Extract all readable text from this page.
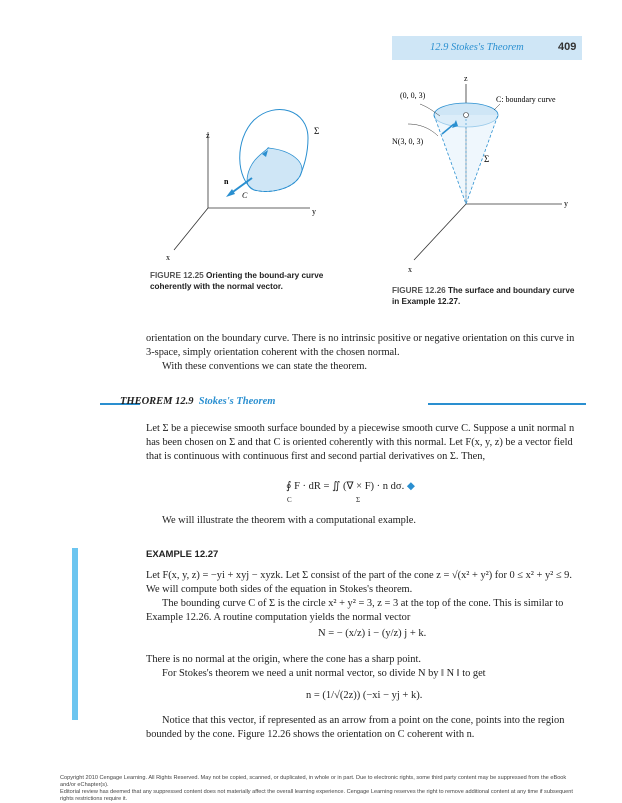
12.9 Stokes's Theorem	409
z
y
x
n
C
Σ
FIGURE 12.25 Orienting the bound-ary curve coherently with the normal vector.
z
y
x
(0, 0, 3)	C: boundary curve
N(3, 0, 3)
Σ
FIGURE 12.26 The surface and boundary curve in Example 12.27.
orientation on the boundary curve. There is no intrinsic positive or negative orientation on this curve in 3-space, simply orientation coherent with the chosen normal.
With these conventions we can state the theorem.
THEOREM 12.9 Stokes's Theorem
Let Σ be a piecewise smooth surface bounded by a piecewise smooth curve C. Suppose a unit normal n has been chosen on Σ and that C is oriented coherently with this normal. Let F(x, y, z) be a vector field that is continuous with continuous first and second partial derivatives on Σ. Then,
∮ F · dR = ∬ (∇ × F) · n dσ. ◆
C	Σ
We will illustrate the theorem with a computational example.
EXAMPLE 12.27
Let F(x, y, z) = −yi + xyj − xyzk. Let Σ consist of the part of the cone z = √(x² + y²) for 0 ≤ x² + y² ≤ 9. We will compute both sides of the equation in Stokes's theorem.
The bounding curve C of Σ is the circle x² + y² = 3, z = 3 at the top of the cone. This is similar to Example 12.26. A routine computation yields the normal vector
N = − (x/z) i − (y/z) j + k.
There is no normal at the origin, where the cone has a sharp point.
For Stokes's theorem we need a unit normal vector, so divide N by ‖ N ‖ to get
n = (1/√(2z)) (−xi − yj + k).
Notice that this vector, if represented as an arrow from a point on the cone, points into the region bounded by the cone. Figure 12.26 shows the orientation on C coherent with n.
Copyright 2010 Cengage Learning. All Rights Reserved. May not be copied, scanned, or duplicated, in whole or in part. Due to electronic rights, some third party content may be suppressed from the eBook and/or eChapter(s).
Editorial review has deemed that any suppressed content does not materially affect the overall learning experience. Cengage Learning reserves the right to remove additional content at any time if subsequent rights restrictions require it.
